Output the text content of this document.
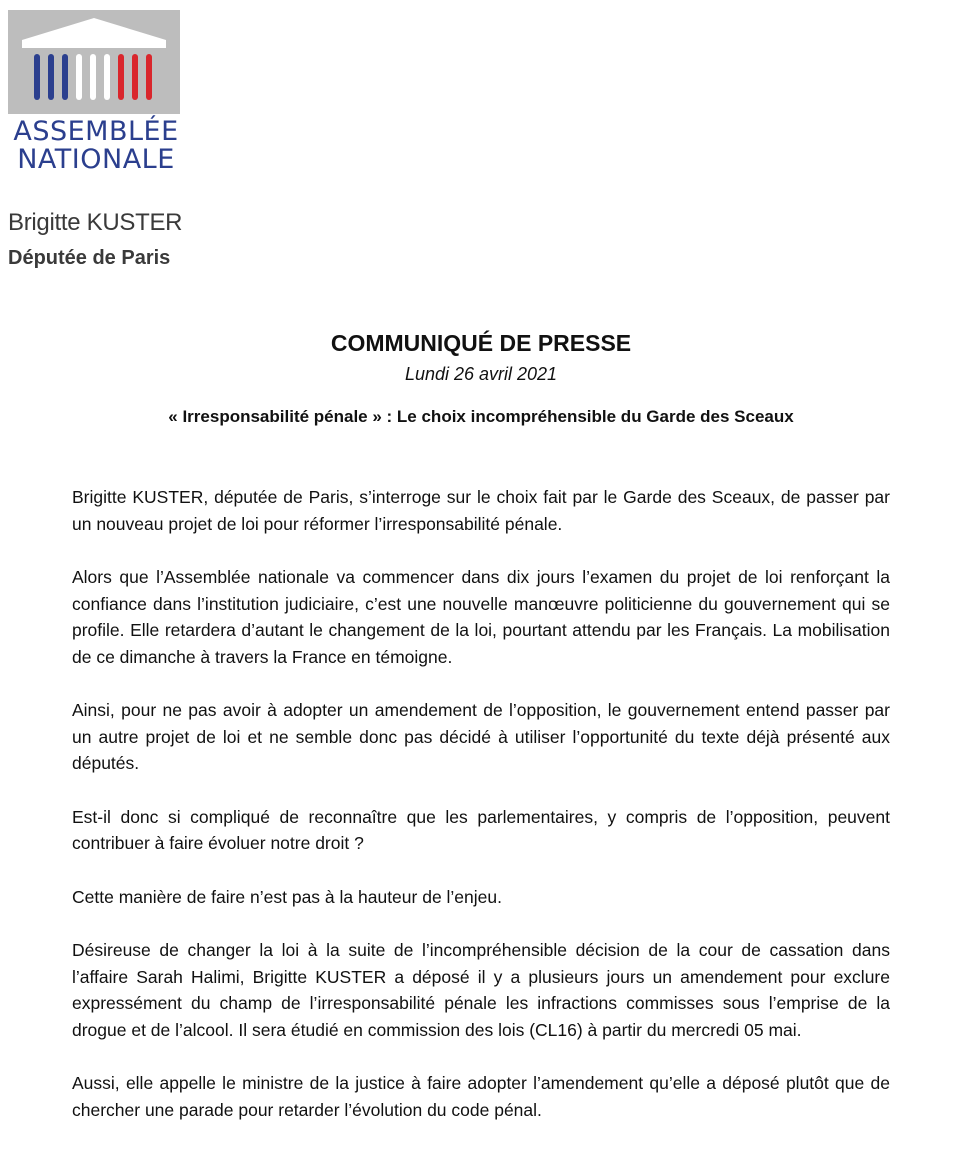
ASSEMBLÉE
NATIONALE
Brigitte KUSTER
Députée de Paris
COMMUNIQUÉ DE PRESSE
Lundi 26 avril 2021
« Irresponsabilité pénale » : Le choix incompréhensible du Garde des Sceaux

Brigitte KUSTER, députée de Paris, s’interroge sur le choix fait par le Garde des Sceaux, de passer par un nouveau projet de loi pour réformer l’irresponsabilité pénale.

Alors que l’Assemblée nationale va commencer dans dix jours l’examen du projet de loi renforçant la confiance dans l’institution judiciaire, c’est une nouvelle manœuvre politicienne du gouvernement qui se profile. Elle retardera d’autant le changement de la loi, pourtant attendu par les Français. La mobilisation de ce dimanche à travers la France en témoigne.

Ainsi, pour ne pas avoir à adopter un amendement de l’opposition, le gouvernement entend passer par un autre projet de loi et ne semble donc pas décidé à utiliser l’opportunité du texte déjà présenté aux députés.

Est-il donc si compliqué de reconnaître que les parlementaires, y compris de l’opposition, peuvent contribuer à faire évoluer notre droit ?

Cette manière de faire n’est pas à la hauteur de l’enjeu.

Désireuse de changer la loi à la suite de l’incompréhensible décision de la cour de cassation dans l’affaire Sarah Halimi, Brigitte KUSTER a déposé il y a plusieurs jours un amendement pour exclure expressément du champ de l’irresponsabilité pénale les infractions commisses sous l’emprise de la drogue et de l’alcool. Il sera étudié en commission des lois (CL16) à partir du mercredi 05 mai.

Aussi, elle appelle le ministre de la justice à faire adopter l’amendement qu’elle a déposé plutôt que de chercher une parade pour retarder l’évolution du code pénal.
